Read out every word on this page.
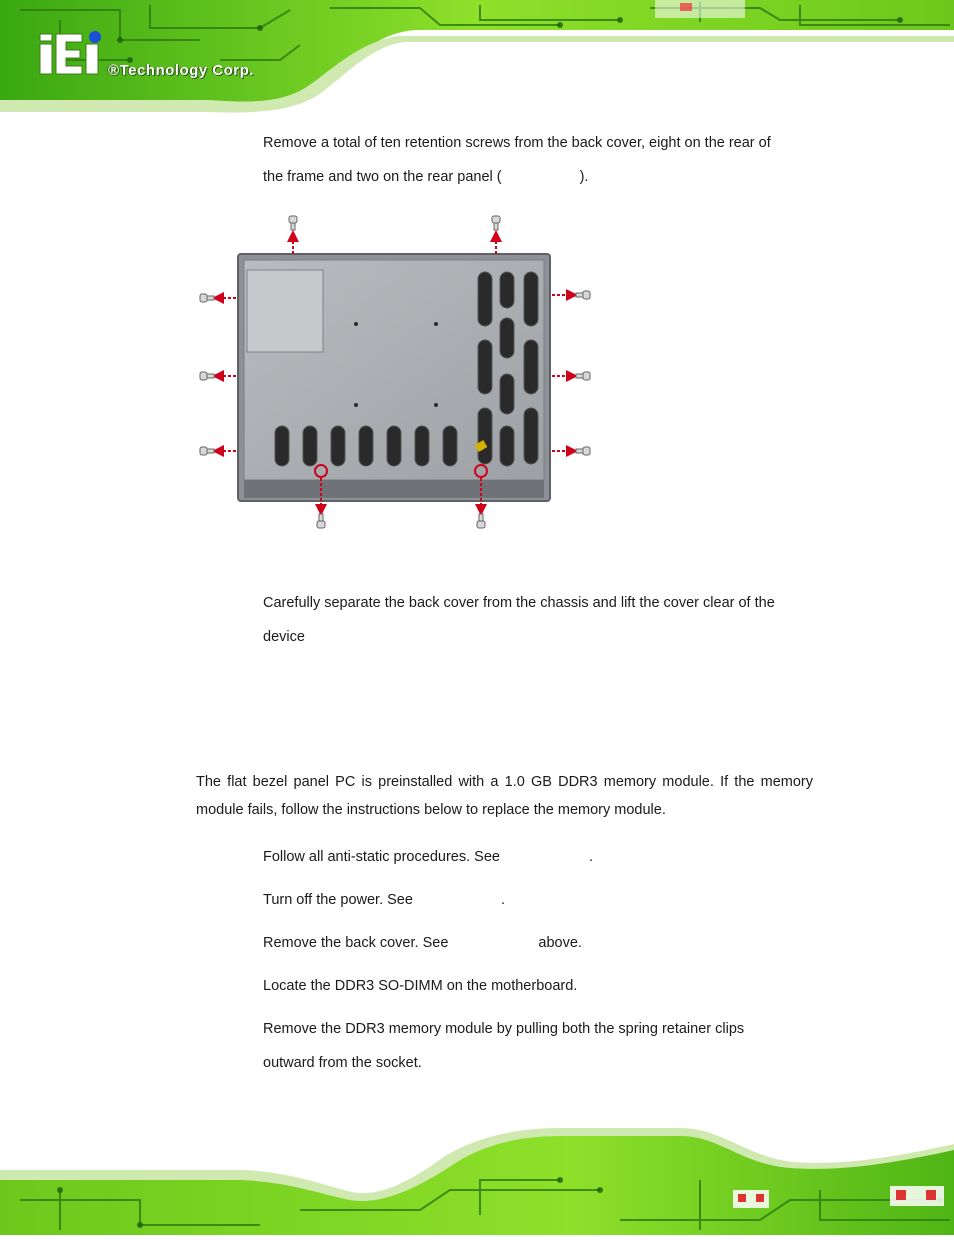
®Technology Corp.
Remove a total of ten retention screws from the back cover, eight on the rear of
the frame and two on the rear panel (	).
Carefully separate the back cover from the chassis and lift the cover clear of the
device
The flat bezel panel PC is preinstalled with a 1.0 GB DDR3 memory module. If the memory module fails, follow the instructions below to replace the memory module.
Follow all anti-static procedures. See	.
Turn off the power. See	.
Remove the back cover. See	above.
Locate the DDR3 SO-DIMM on the motherboard.
Remove the DDR3 memory module by pulling both the spring retainer clips
outward from the socket.
